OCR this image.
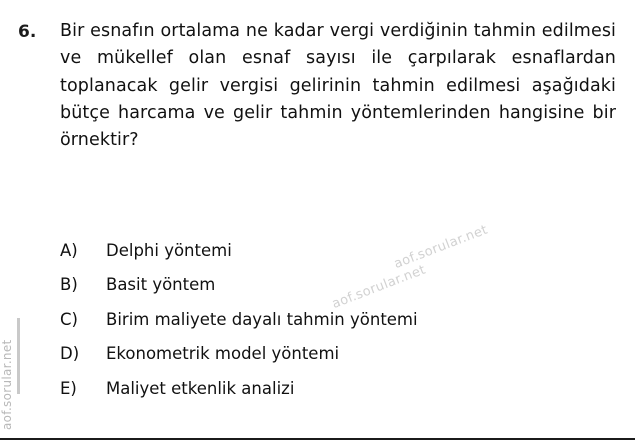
aof.sorular.net
6. Bir esnafın ortalama ne kadar vergi verdiğinin tahmin edilmesi ve mükellef olan esnaf sayısı ile çarpılarak esnaflardan toplanacak gelir vergisi gelirinin tahmin edilmesi aşağıdaki bütçe harcama ve gelir tahmin yöntemlerinden hangisine bir örnektir?
A)	Delphi yöntemi
B)	Basit yöntem
C)	Birim maliyete dayalı tahmin yöntemi
D)	Ekonometrik model yöntemi
E)	Maliyet etkenlik analizi
aof.sorular.net
aof.sorular.net
